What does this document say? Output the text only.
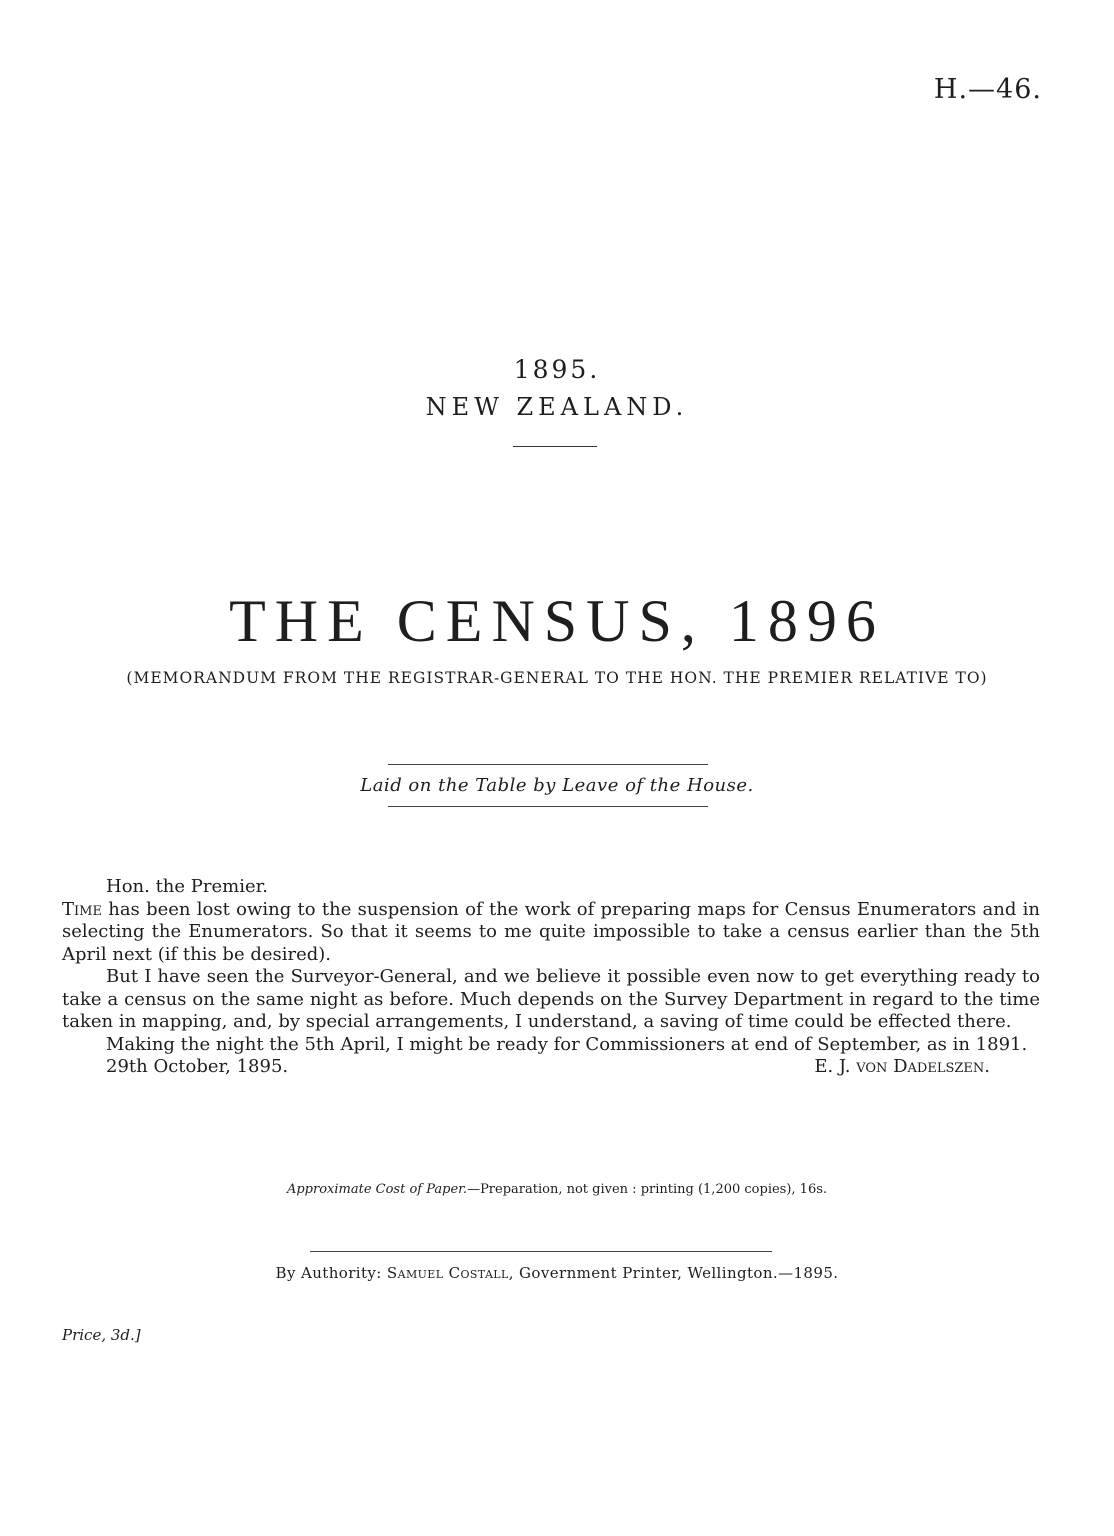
H.—46.
1895.
NEW ZEALAND.
THE CENSUS, 1896
(MEMORANDUM FROM THE REGISTRAR-GENERAL TO THE HON. THE PREMIER RELATIVE TO)
Laid on the Table by Leave of the House.

Hon. the Premier.

Time has been lost owing to the suspension of the work of preparing maps for Census Enumerators and in selecting the Enumerators. So that it seems to me quite impossible to take a census earlier than the 5th April next (if this be desired).

But I have seen the Surveyor-General, and we believe it possible even now to get everything ready to take a census on the same night as before. Much depends on the Survey Department in regard to the time taken in mapping, and, by special arrangements, I understand, a saving of time could be effected there.

Making the night the 5th April, I might be ready for Commissioners at end of September, as in 1891.

29th October, 1895.	E. J. von Dadelszen.
Approximate Cost of Paper.—Preparation, not given : printing (1,200 copies), 16s.
By Authority: Samuel Costall, Government Printer, Wellington.—1895.
Price, 3d.]
